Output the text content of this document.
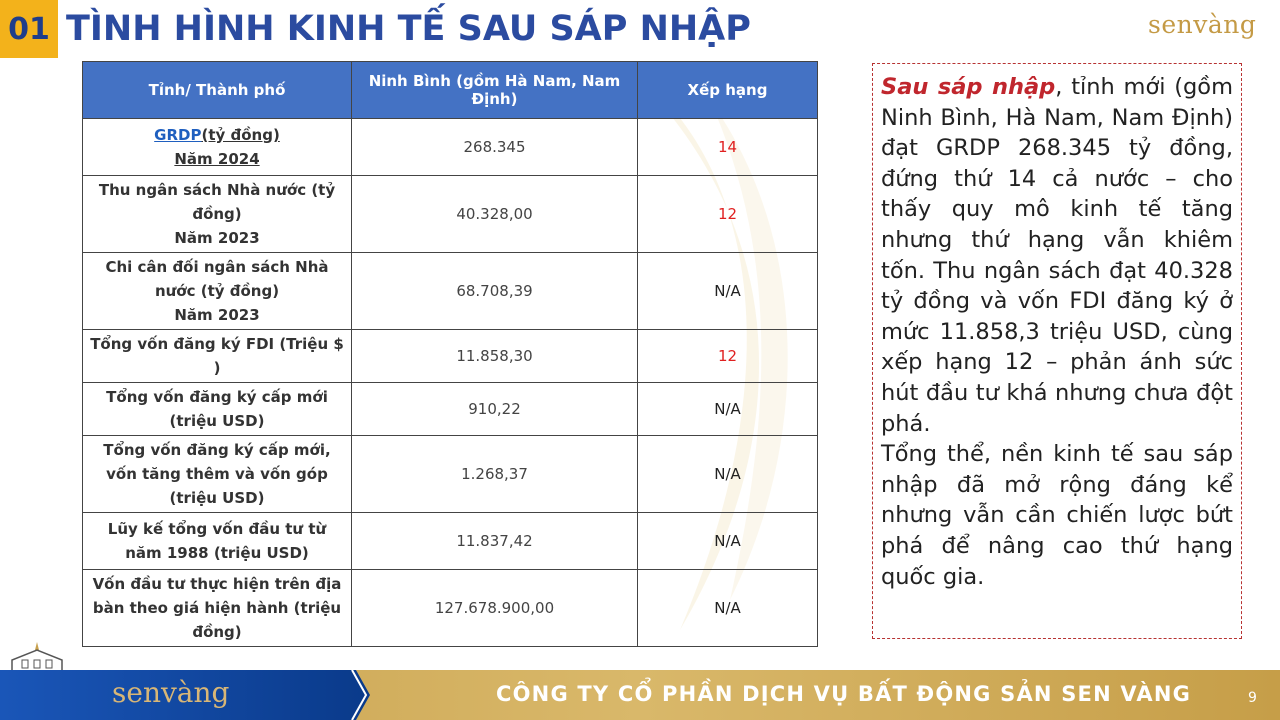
01 TÌNH HÌNH KINH TẾ SAU SÁP NHẬP	senvàng
Tỉnh/ Thành phố	Ninh Bình (gồm Hà Nam, Nam Định)	Xếp hạng
GRDP(tỷ đồng)
Năm 2024	268.345	14
Thu ngân sách Nhà nước (tỷ đồng)
Năm 2023	40.328,00	12
Chi cân đối ngân sách Nhà nước (tỷ đồng)
Năm 2023	68.708,39	N/A
Tổng vốn đăng ký FDI (Triệu $ )	11.858,30	12
Tổng vốn đăng ký cấp mới (triệu USD)	910,22	N/A
Tổng vốn đăng ký cấp mới, vốn tăng thêm và vốn góp (triệu USD)	1.268,37	N/A
Lũy kế tổng vốn đầu tư từ năm 1988 (triệu USD)	11.837,42	N/A
Vốn đầu tư thực hiện trên địa bàn theo giá hiện hành (triệu đồng)	127.678.900,00	N/A
Sau sáp nhập, tỉnh mới (gồm Ninh Bình, Hà Nam, Nam Định) đạt GRDP 268.345 tỷ đồng, đứng thứ 14 cả nước – cho thấy quy mô kinh tế tăng nhưng thứ hạng vẫn khiêm tốn. Thu ngân sách đạt 40.328 tỷ đồng và vốn FDI đăng ký ở mức 11.858,3 triệu USD, cùng xếp hạng 12 – phản ánh sức hút đầu tư khá nhưng chưa đột phá.
Tổng thể, nền kinh tế sau sáp nhập đã mở rộng đáng kể nhưng vẫn cần chiến lược bứt phá để nâng cao thứ hạng quốc gia.
senvàng	CÔNG TY CỔ PHẦN DỊCH VỤ BẤT ĐỘNG SẢN SEN VÀNG	9
